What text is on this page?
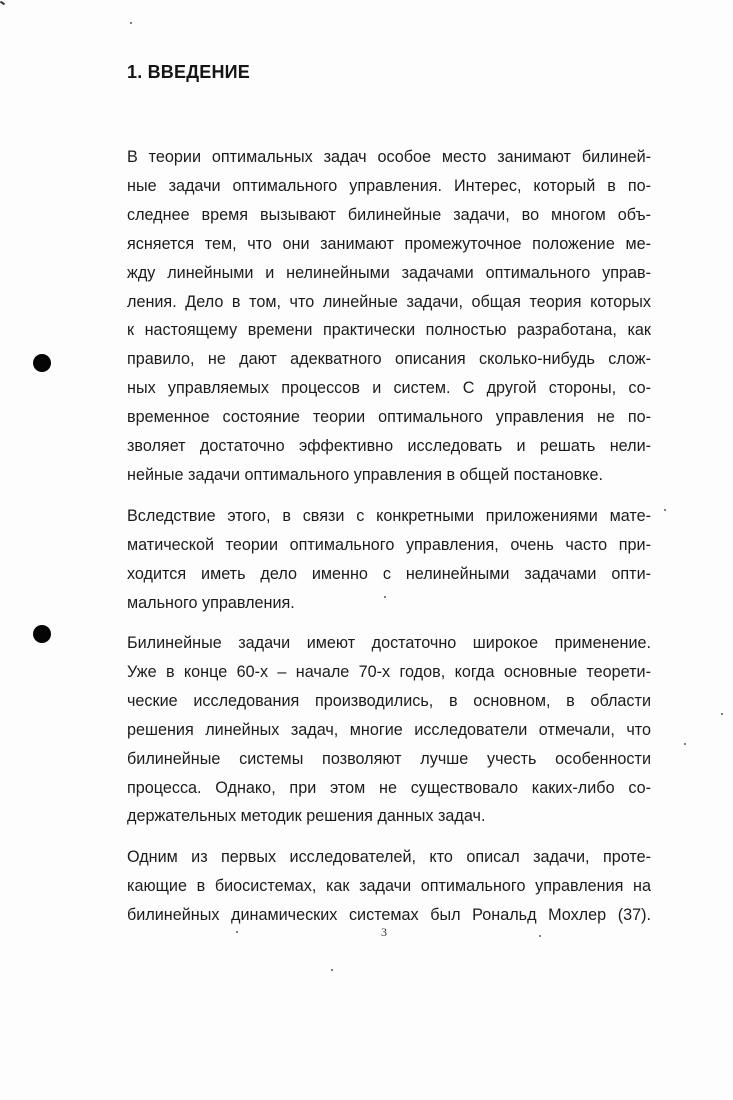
1. ВВЕДЕНИЕ
В теории оптимальных задач особое место занимают билиней-
ные задачи оптимального управления. Интерес, который в по-
следнее время вызывают билинейные задачи, во многом объ-
ясняется тем, что они занимают промежуточное положение ме-
жду линейными и нелинейными задачами оптимального управ-
ления. Дело в том, что линейные задачи, общая теория которых
к настоящему времени практически полностью разработана, как
правило, не дают адекватного описания сколько-нибудь слож-
ных управляемых процессов и систем. С другой стороны, со-
временное состояние теории оптимального управления не по-
зволяет достаточно эффективно исследовать и решать нели-
нейные задачи оптимального управления в общей постановке.
Вследствие этого, в связи с конкретными приложениями мате-
матической теории оптимального управления, очень часто при-
ходится иметь дело именно с нелинейными задачами опти-
мального управления.
Билинейные задачи имеют достаточно широкое применение.
Уже в конце 60-х – начале 70-х годов, когда основные теорети-
ческие исследования производились, в основном, в области
решения линейных задач, многие исследователи отмечали, что
билинейные системы позволяют лучше учесть особенности
процесса. Однако, при этом не существовало каких-либо со-
держательных методик решения данных задач.
Одним из первых исследователей, кто описал задачи, проте-
кающие в биосистемах, как задачи оптимального управления на
билинейных динамических системах был Рональд Мохлер (37).
3
